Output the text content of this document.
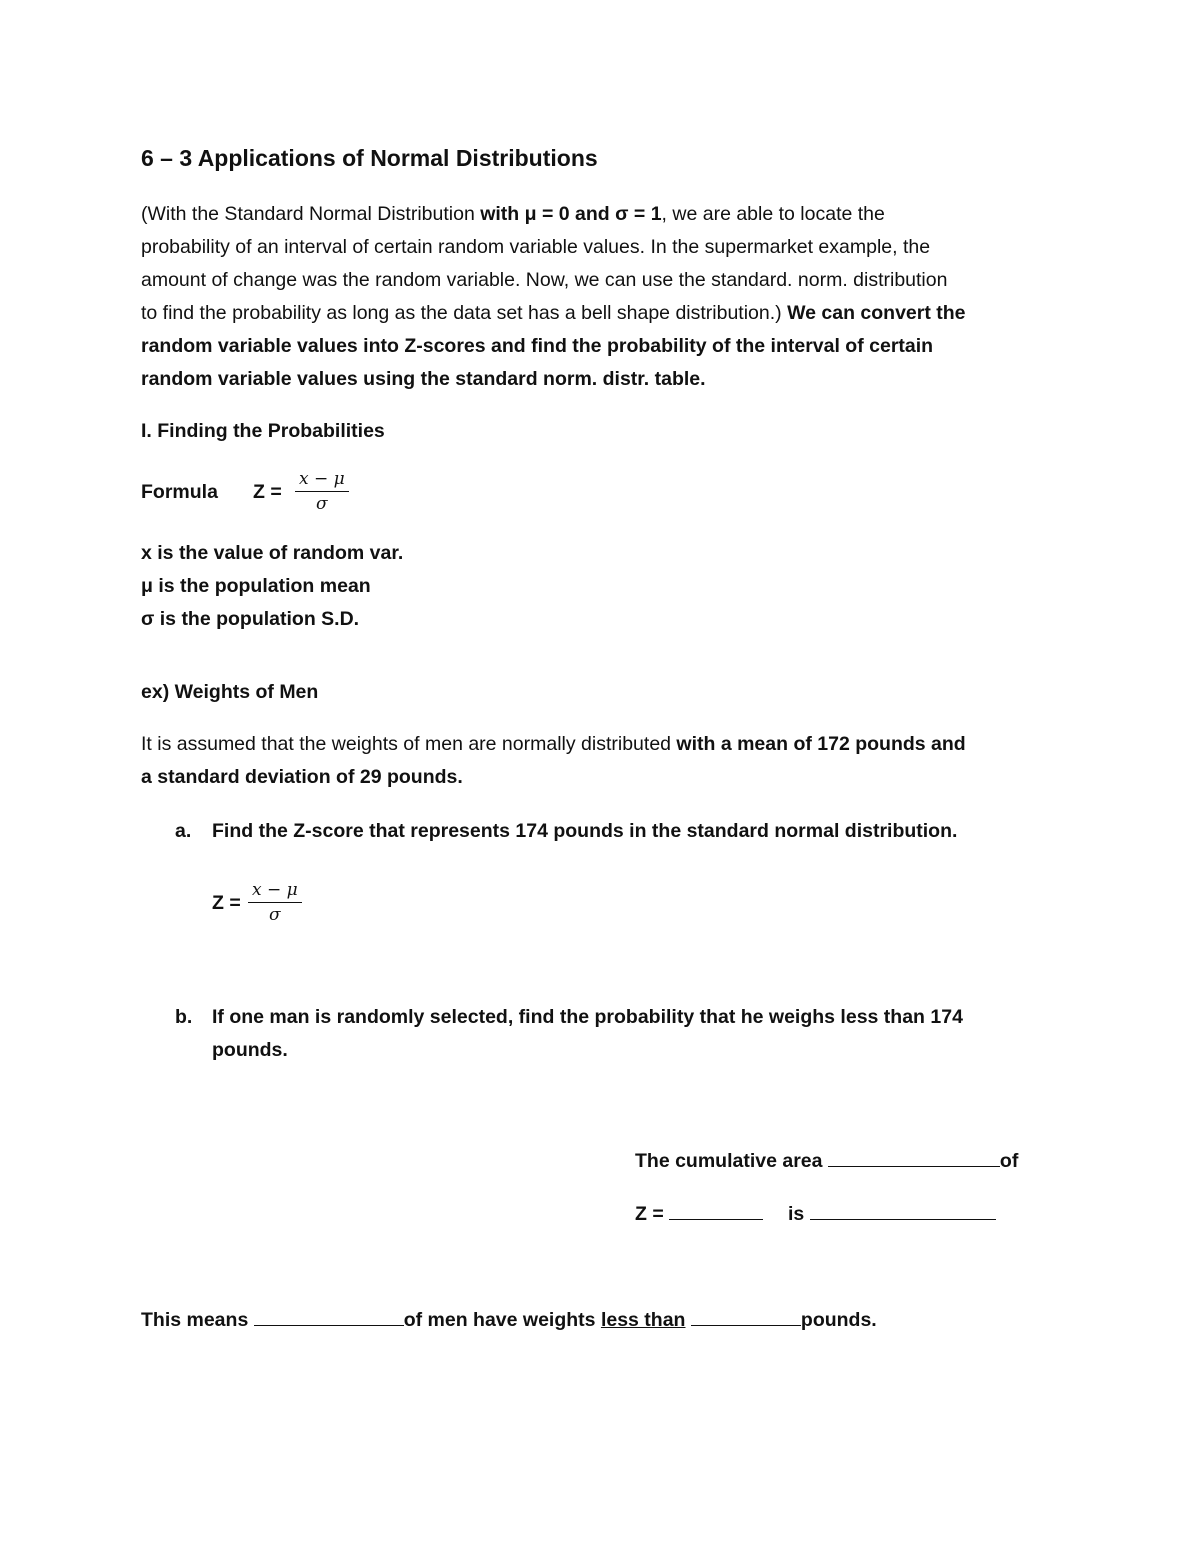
6 – 3 Applications of Normal Distributions
(With the Standard Normal Distribution with μ = 0 and σ = 1, we are able to locate the
probability of an interval of certain random variable values. In the supermarket example, the
amount of change was the random variable. Now, we can use the standard. norm. distribution
to find the probability as long as the data set has a bell shape distribution.) We can convert the
random variable values into Z-scores and find the probability of the interval of certain
random variable values using the standard norm. distr. table.
I. Finding the Probabilities
Formula $Z = \frac{x - \mu}{\sigma}$
x is the value of random var.
μ is the population mean
σ is the population S.D.
ex) Weights of Men
It is assumed that the weights of men are normally distributed with a mean of 172 pounds and
a standard deviation of 29 pounds.
a. Find the Z-score that represents 174 pounds in the standard normal distribution.
$Z = \frac{x - \mu}{\sigma}$
b. If one man is randomly selected, find the probability that he weighs less than 174
pounds.
The cumulative area	of
Z =	is
This means	of men have weights less than	pounds.
